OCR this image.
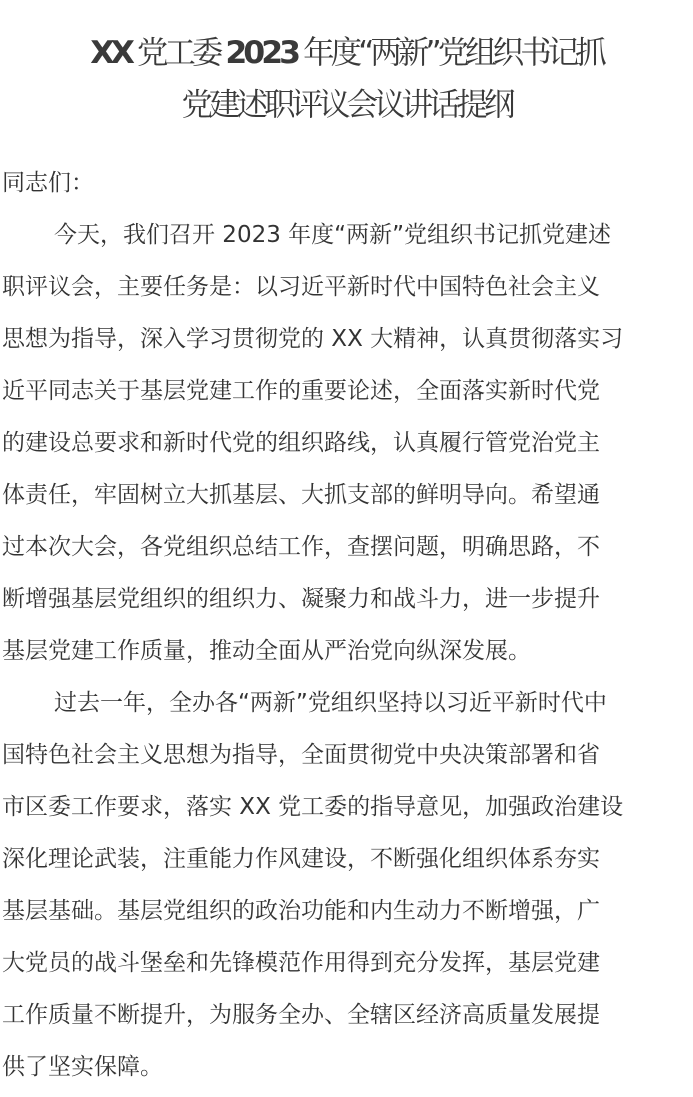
XX 党工委 2023 年度“两新”党组织书记抓
党建述职评议会议讲话提纲
同志们：
今天，我们召开 2023 年度“两新”党组织书记抓党建述
职评议会，主要任务是：以习近平新时代中国特色社会主义
思想为指导，深入学习贯彻党的 XX 大精神，认真贯彻落实习
近平同志关于基层党建工作的重要论述，全面落实新时代党
的建设总要求和新时代党的组织路线，认真履行管党治党主
体责任，牢固树立大抓基层、大抓支部的鲜明导向。希望通
过本次大会，各党组织总结工作，查摆问题，明确思路，不
断增强基层党组织的组织力、凝聚力和战斗力，进一步提升
基层党建工作质量，推动全面从严治党向纵深发展。
过去一年，全办各“两新”党组织坚持以习近平新时代中
国特色社会主义思想为指导，全面贯彻党中央决策部署和省
市区委工作要求，落实 XX 党工委的指导意见，加强政治建设
深化理论武装，注重能力作风建设，不断强化组织体系夯实
基层基础。基层党组织的政治功能和内生动力不断增强，广
大党员的战斗堡垒和先锋模范作用得到充分发挥，基层党建
工作质量不断提升，为服务全办、全辖区经济高质量发展提
供了坚实保障。
